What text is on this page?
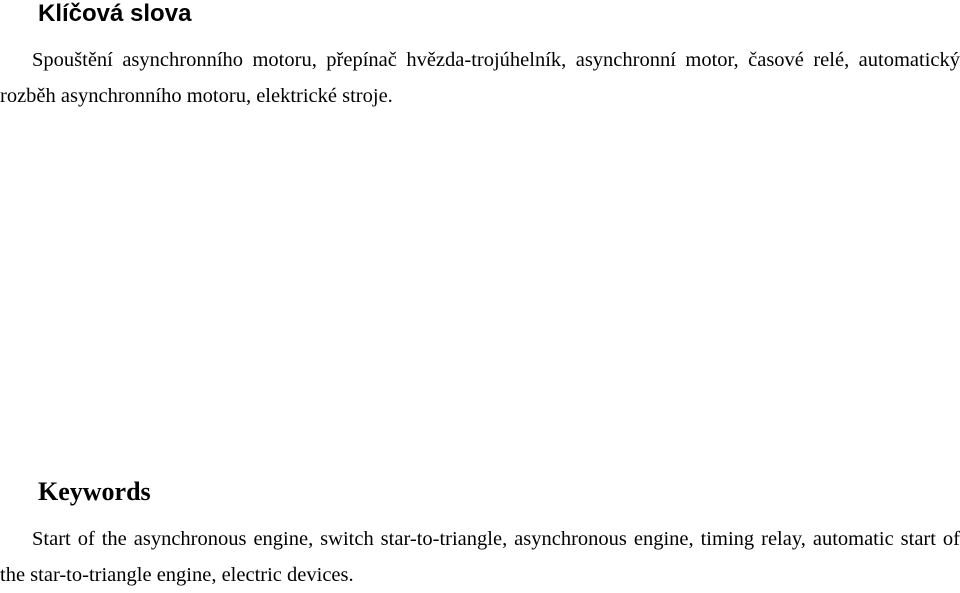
Klíčová slova

Spouštění asynchronního motoru, přepínač hvězda-trojúhelník, asynchronní motor, časové relé, automatický rozběh asynchronního motoru, elektrické stroje.

Keywords

Start of the asynchronous engine, switch star-to-triangle, asynchronous engine, timing relay, automatic start of the star-to-triangle engine, electric devices.
